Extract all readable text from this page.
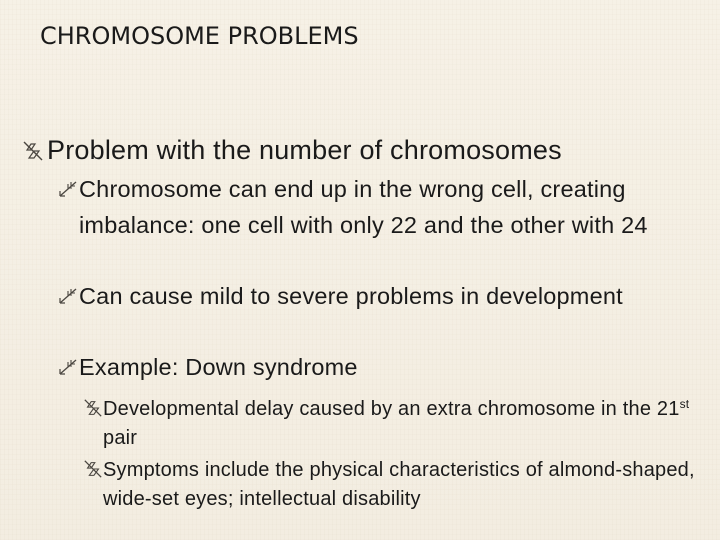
CHROMOSOME PROBLEMS
Problem with the number of chromosomes
Chromosome can end up in the wrong cell, creating imbalance: one cell with only 22 and the other with 24
Can cause mild to severe problems in development
Example: Down syndrome
Developmental delay caused by an extra chromosome in the 21st pair
Symptoms include the physical characteristics of almond-shaped, wide-set eyes; intellectual disability
